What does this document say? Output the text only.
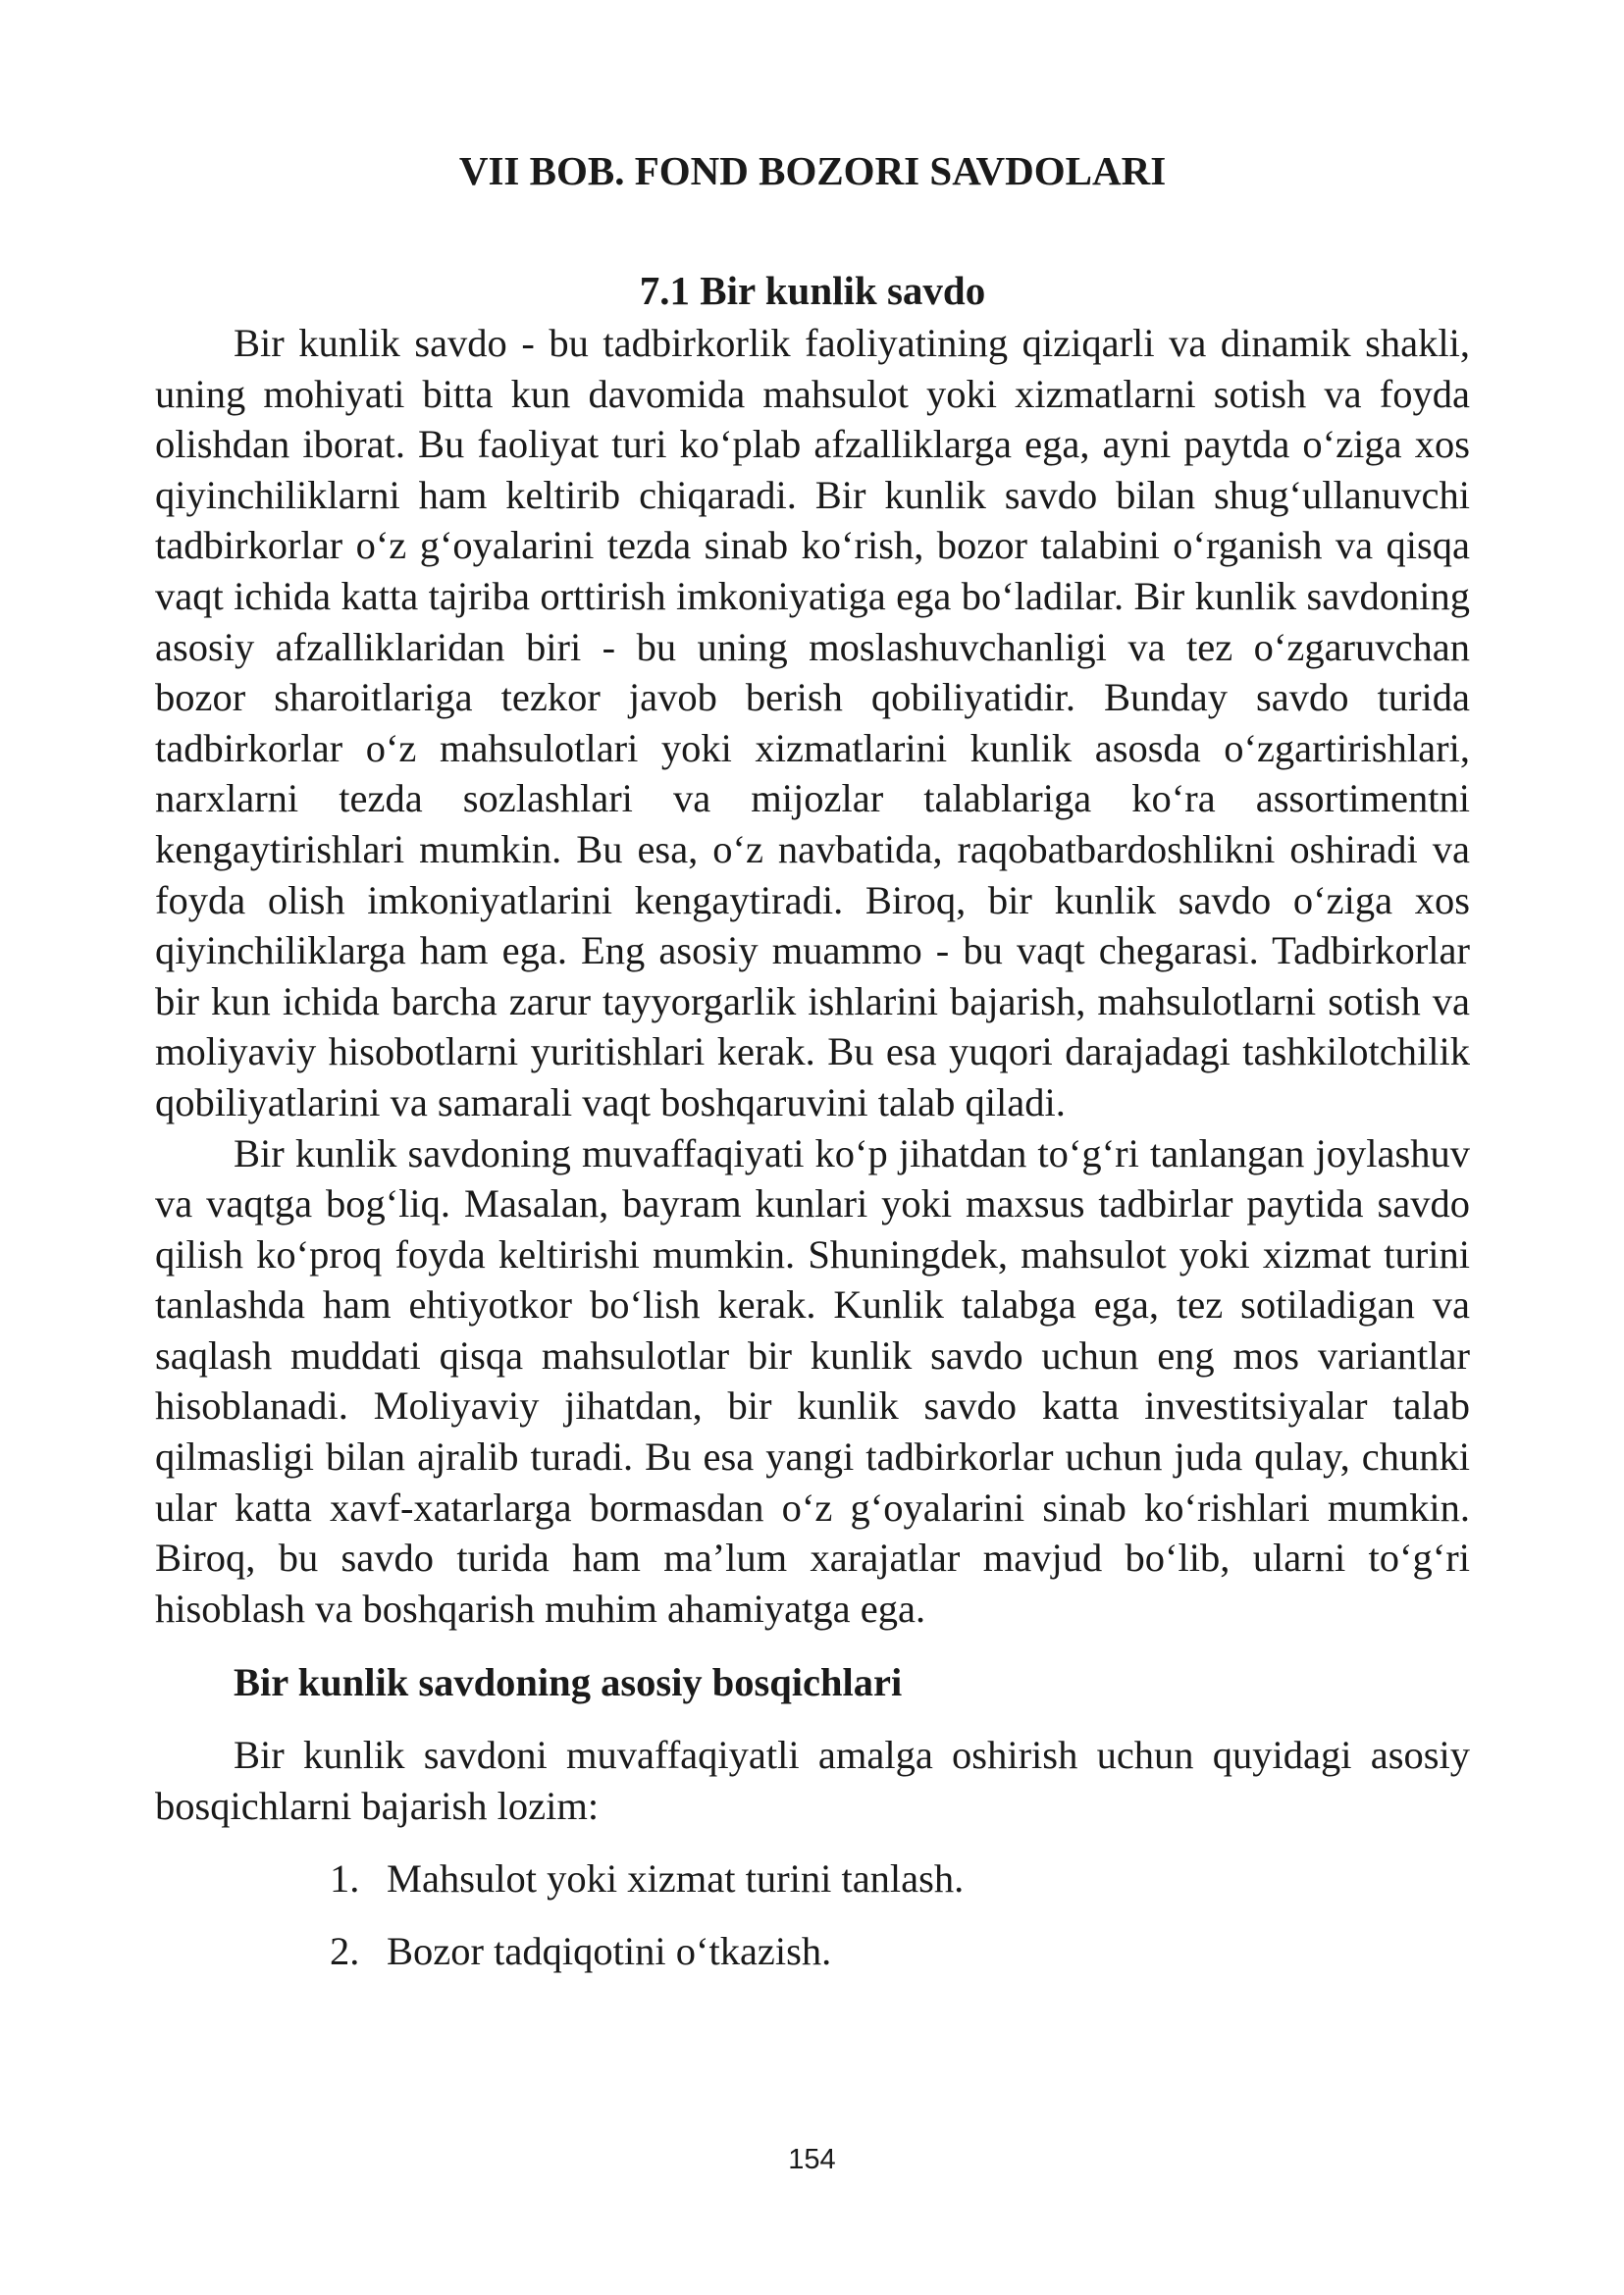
VII BOB. FOND BOZORI SAVDOLARI
7.1 Bir kunlik savdo

Bir kunlik savdo - bu tadbirkorlik faoliyatining qiziqarli va dinamik shakli, uning mohiyati bitta kun davomida mahsulot yoki xizmatlarni sotish va foyda olishdan iborat. Bu faoliyat turi ko‘plab afzalliklarga ega, ayni paytda o‘ziga xos qiyinchiliklarni ham keltirib chiqaradi. Bir kunlik savdo bilan shug‘ullanuvchi tadbirkorlar o‘z g‘oyalarini tezda sinab ko‘rish, bozor talabini o‘rganish va qisqa vaqt ichida katta tajriba orttirish imkoniyatiga ega bo‘ladilar. Bir kunlik savdoning asosiy afzalliklaridan biri - bu uning moslashuvchanligi va tez o‘zgaruvchan bozor sharoitlariga tezkor javob berish qobiliyatidir. Bunday savdo turida tadbirkorlar o‘z mahsulotlari yoki xizmatlarini kunlik asosda o‘zgartirishlari, narxlarni tezda sozlashlari va mijozlar talablariga ko‘ra assortimentni kengaytirishlari mumkin. Bu esa, o‘z navbatida, raqobatbardoshlikni oshiradi va foyda olish imkoniyatlarini kengaytiradi. Biroq, bir kunlik savdo o‘ziga xos qiyinchiliklarga ham ega. Eng asosiy muammo - bu vaqt chegarasi. Tadbirkorlar bir kun ichida barcha zarur tayyorgarlik ishlarini bajarish, mahsulotlarni sotish va moliyaviy hisobotlarni yuritishlari kerak. Bu esa yuqori darajadagi tashkilotchilik qobiliyatlarini va samarali vaqt boshqaruvini talab qiladi.

Bir kunlik savdoning muvaffaqiyati ko‘p jihatdan to‘g‘ri tanlangan joylashuv va vaqtga bog‘liq. Masalan, bayram kunlari yoki maxsus tadbirlar paytida savdo qilish ko‘proq foyda keltirishi mumkin. Shuningdek, mahsulot yoki xizmat turini tanlashda ham ehtiyotkor bo‘lish kerak. Kunlik talabga ega, tez sotiladigan va saqlash muddati qisqa mahsulotlar bir kunlik savdo uchun eng mos variantlar hisoblanadi. Moliyaviy jihatdan, bir kunlik savdo katta investitsiyalar talab qilmasligi bilan ajralib turadi. Bu esa yangi tadbirkorlar uchun juda qulay, chunki ular katta xavf-xatarlarga bormasdan o‘z g‘oyalarini sinab ko‘rishlari mumkin. Biroq, bu savdo turida ham ma’lum xarajatlar mavjud bo‘lib, ularni to‘g‘ri hisoblash va boshqarish muhim ahamiyatga ega.

Bir kunlik savdoning asosiy bosqichlari

Bir kunlik savdoni muvaffaqiyatli amalga oshirish uchun quyidagi asosiy bosqichlarni bajarish lozim:

1. Mahsulot yoki xizmat turini tanlash.
2. Bozor tadqiqotini o‘tkazish.
154
